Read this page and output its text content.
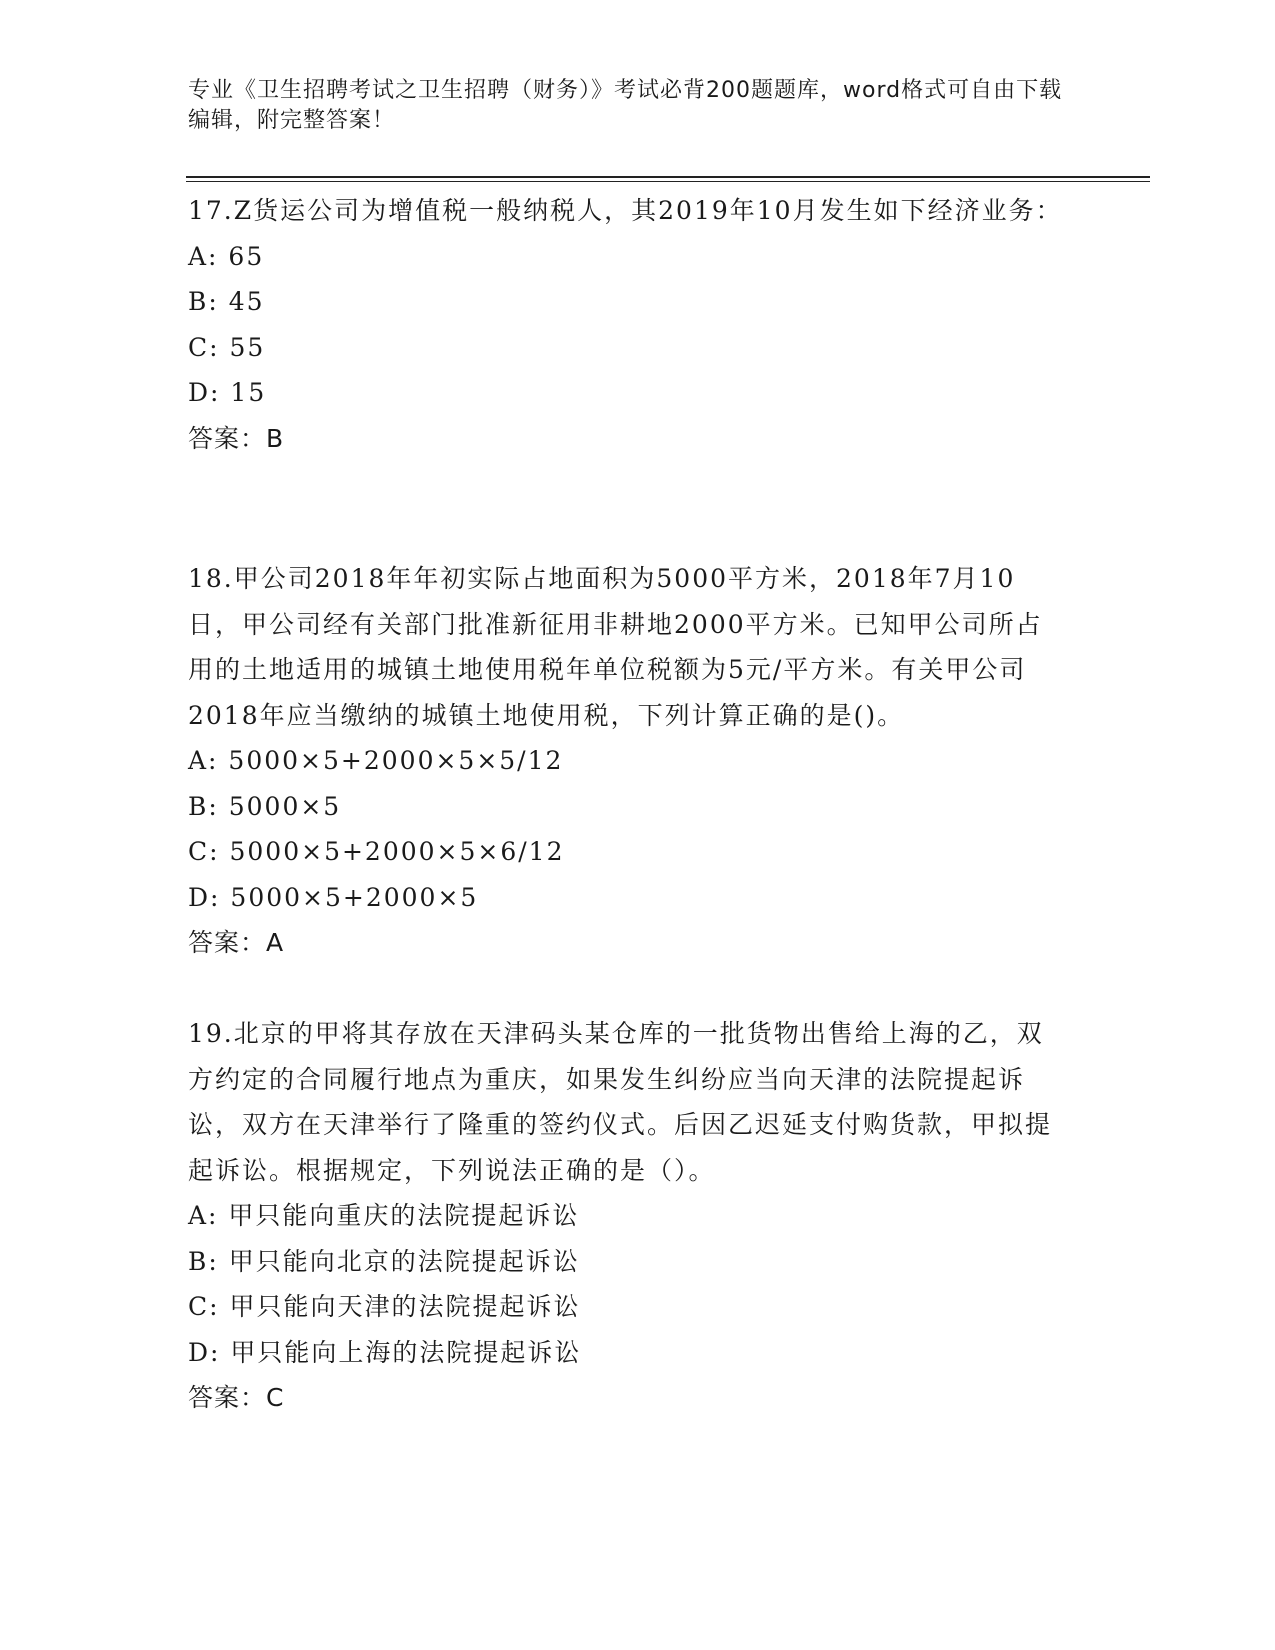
专业《卫生招聘考试之卫生招聘（财务）》考试必背200题题库，word格式可自由下载编辑，附完整答案！
17.Z货运公司为增值税一般纳税人，其2019年10月发生如下经济业务：
A: 65
B: 45
C: 55
D: 15
答案：B
18.甲公司2018年年初实际占地面积为5000平方米，2018年7月10日，甲公司经有关部门批准新征用非耕地2000平方米。已知甲公司所占用的土地适用的城镇土地使用税年单位税额为5元/平方米。有关甲公司2018年应当缴纳的城镇土地使用税，下列计算正确的是()。
A: 5000×5+2000×5×5/12
B: 5000×5
C: 5000×5+2000×5×6/12
D: 5000×5+2000×5
答案：A
19.北京的甲将其存放在天津码头某仓库的一批货物出售给上海的乙，双方约定的合同履行地点为重庆，如果发生纠纷应当向天津的法院提起诉讼，双方在天津举行了隆重的签约仪式。后因乙迟延支付购货款，甲拟提起诉讼。根据规定，下列说法正确的是（）。
A: 甲只能向重庆的法院提起诉讼
B: 甲只能向北京的法院提起诉讼
C: 甲只能向天津的法院提起诉讼
D: 甲只能向上海的法院提起诉讼
答案：C
